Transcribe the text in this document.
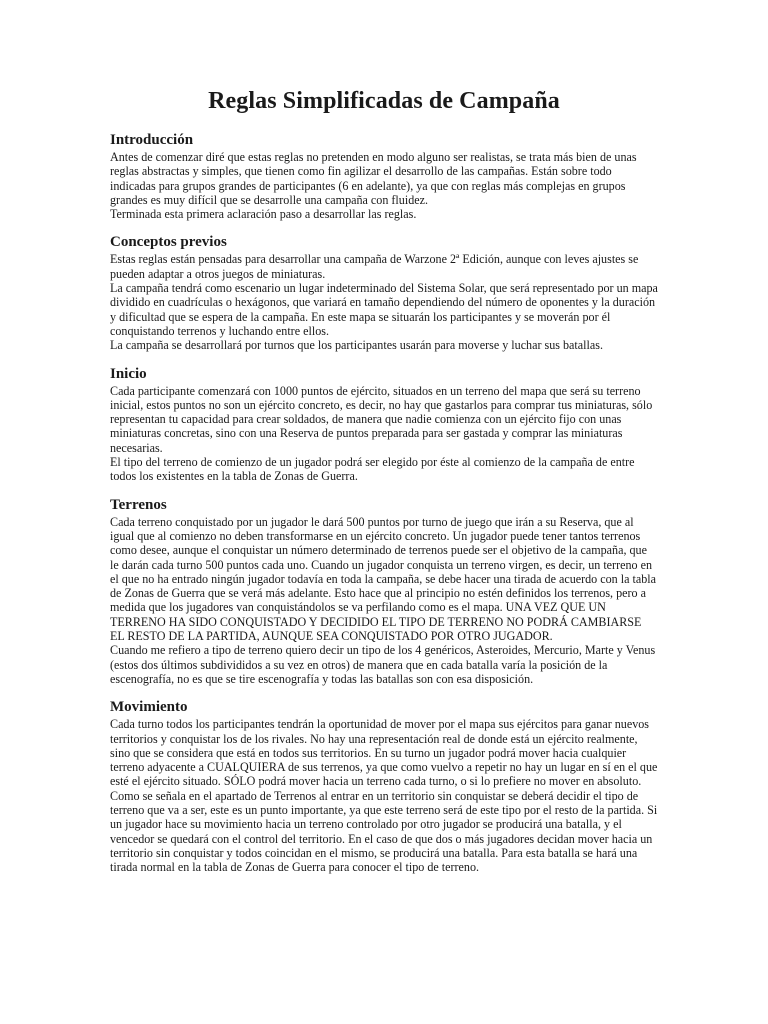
Reglas Simplificadas de Campaña
Introducción

Antes de comenzar diré que estas reglas no pretenden en modo alguno ser realistas, se trata más bien de unas reglas abstractas y simples, que tienen como fin agilizar el desarrollo de las campañas. Están sobre todo indicadas para grupos grandes de participantes (6 en adelante), ya que con reglas más complejas en grupos grandes es muy difícil que se desarrolle una campaña con fluidez.

Terminada esta primera aclaración paso a desarrollar las reglas.

Conceptos previos

Estas reglas están pensadas para desarrollar una campaña de Warzone 2ª Edición, aunque con leves ajustes se pueden adaptar a otros juegos de miniaturas.

La campaña tendrá como escenario un lugar indeterminado del Sistema Solar, que será representado por un mapa dividido en cuadrículas o hexágonos, que variará en tamaño dependiendo del número de oponentes y la duración y dificultad que se espera de la campaña. En este mapa se situarán los participantes y se moverán por él conquistando terrenos y luchando entre ellos.

La campaña se desarrollará por turnos que los participantes usarán para moverse y luchar sus batallas.

Inicio

Cada participante comenzará con 1000 puntos de ejército, situados en un terreno del mapa que será su terreno inicial, estos puntos no son un ejército concreto, es decir, no hay que gastarlos para comprar tus miniaturas, sólo representan tu capacidad para crear soldados, de manera que nadie comienza con un ejército fijo con unas miniaturas concretas, sino con una Reserva de puntos preparada para ser gastada y comprar las miniaturas necesarias.

El tipo del terreno de comienzo de un jugador podrá ser elegido por éste al comienzo de la campaña de entre todos los existentes en la tabla de Zonas de Guerra.

Terrenos

Cada terreno conquistado por un jugador le dará 500 puntos por turno de juego que irán a su Reserva, que al igual que al comienzo no deben transformarse en un ejército concreto. Un jugador puede tener tantos terrenos como desee, aunque el conquistar un número determinado de terrenos puede ser el objetivo de la campaña, que le darán cada turno 500 puntos cada uno. Cuando un jugador conquista un terreno virgen, es decir, un terreno en el que no ha entrado ningún jugador todavía en toda la campaña, se debe hacer una tirada de acuerdo con la tabla de Zonas de Guerra que se verá más adelante. Esto hace que al principio no estén definidos los terrenos, pero a medida que los jugadores van conquistándolos se va perfilando como es el mapa. UNA VEZ QUE UN TERRENO HA SIDO CONQUISTADO Y DECIDIDO EL TIPO DE TERRENO NO PODRÁ CAMBIARSE EL RESTO DE LA PARTIDA, AUNQUE SEA CONQUISTADO POR OTRO JUGADOR.

Cuando me refiero a tipo de terreno quiero decir un tipo de los 4 genéricos, Asteroides, Mercurio, Marte y Venus (estos dos últimos subdivididos a su vez en otros) de manera que en cada batalla varía la posición de la escenografía, no es que se tire escenografía y todas las batallas son con esa disposición.

Movimiento

Cada turno todos los participantes tendrán la oportunidad de mover por el mapa sus ejércitos para ganar nuevos territorios y conquistar los de los rivales. No hay una representación real de donde está un ejército realmente, sino que se considera que está en todos sus territorios. En su turno un jugador podrá mover hacia cualquier terreno adyacente a CUALQUIERA de sus terrenos, ya que como vuelvo a repetir no hay un lugar en sí en el que esté el ejército situado. SÓLO podrá mover hacia un terreno cada turno, o si lo prefiere no mover en absoluto. Como se señala en el apartado de Terrenos al entrar en un territorio sin conquistar se deberá decidir el tipo de terreno que va a ser, este es un punto importante, ya que este terreno será de este tipo por el resto de la partida. Si un jugador hace su movimiento hacia un terreno controlado por otro jugador se producirá una batalla, y el vencedor se quedará con el control del territorio. En el caso de que dos o más jugadores decidan mover hacia un territorio sin conquistar y todos coincidan en el mismo, se producirá una batalla. Para esta batalla se hará una tirada normal en la tabla de Zonas de Guerra para conocer el tipo de terreno.
